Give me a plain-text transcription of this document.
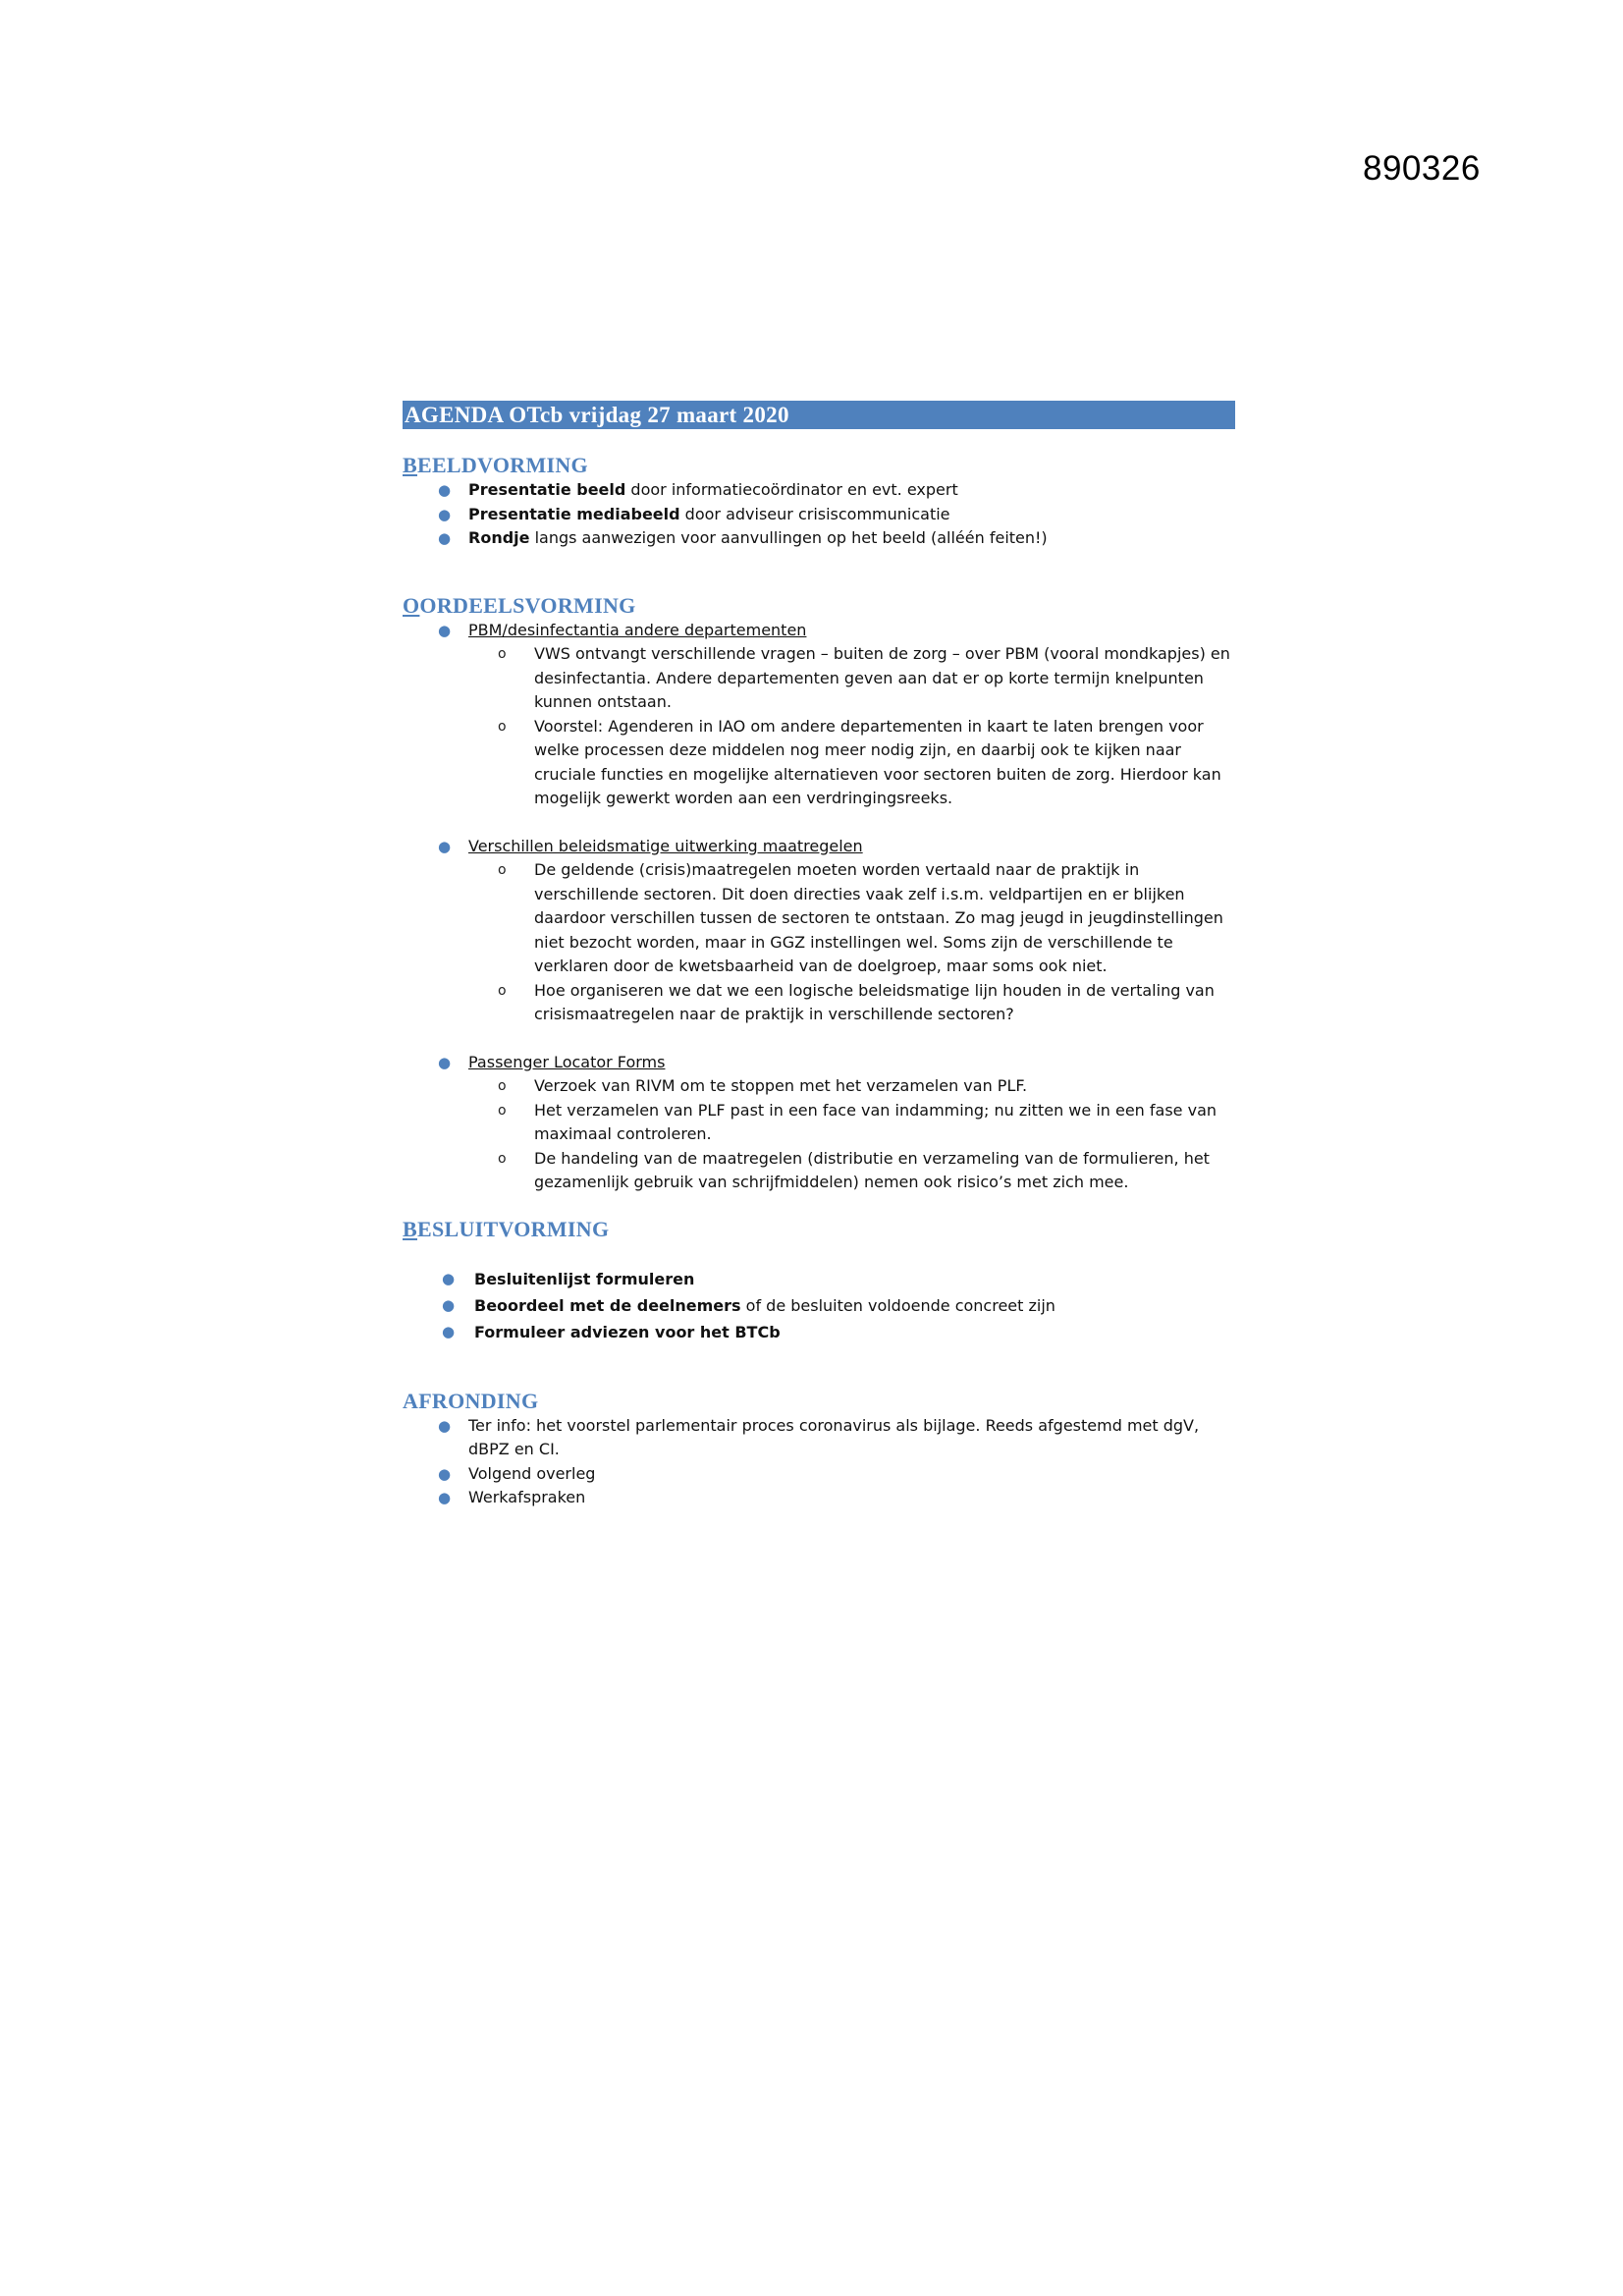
890326
AGENDA OTcb vrijdag 27 maart 2020
BEELDVORMING
● Presentatie beeld door informatiecoördinator en evt. expert
● Presentatie mediabeeld door adviseur crisiscommunicatie
● Rondje langs aanwezigen voor aanvullingen op het beeld (alléén feiten!)
OORDEELSVORMING
● PBM/desinfectantia andere departementen
o VWS ontvangt verschillende vragen – buiten de zorg – over PBM (vooral mondkapjes) en desinfectantia. Andere departementen geven aan dat er op korte termijn knelpunten kunnen ontstaan.
o Voorstel: Agenderen in IAO om andere departementen in kaart te laten brengen voor welke processen deze middelen nog meer nodig zijn, en daarbij ook te kijken naar cruciale functies en mogelijke alternatieven voor sectoren buiten de zorg. Hierdoor kan mogelijk gewerkt worden aan een verdringingsreeks.
● Verschillen beleidsmatige uitwerking maatregelen
o De geldende (crisis)maatregelen moeten worden vertaald naar de praktijk in verschillende sectoren. Dit doen directies vaak zelf i.s.m. veldpartijen en er blijken daardoor verschillen tussen de sectoren te ontstaan. Zo mag jeugd in jeugdinstellingen niet bezocht worden, maar in GGZ instellingen wel. Soms zijn de verschillende te verklaren door de kwetsbaarheid van de doelgroep, maar soms ook niet.
o Hoe organiseren we dat we een logische beleidsmatige lijn houden in de vertaling van crisismaatregelen naar de praktijk in verschillende sectoren?
● Passenger Locator Forms
o Verzoek van RIVM om te stoppen met het verzamelen van PLF.
o Het verzamelen van PLF past in een face van indamming; nu zitten we in een fase van maximaal controleren.
o De handeling van de maatregelen (distributie en verzameling van de formulieren, het gezamenlijk gebruik van schrijfmiddelen) nemen ook risico’s met zich mee.
BESLUITVORMING
● Besluitenlijst formuleren
● Beoordeel met de deelnemers of de besluiten voldoende concreet zijn
● Formuleer adviezen voor het BTCb
AFRONDING
● Ter info: het voorstel parlementair proces coronavirus als bijlage. Reeds afgestemd met dgV, dBPZ en CI.
● Volgend overleg
● Werkafspraken
